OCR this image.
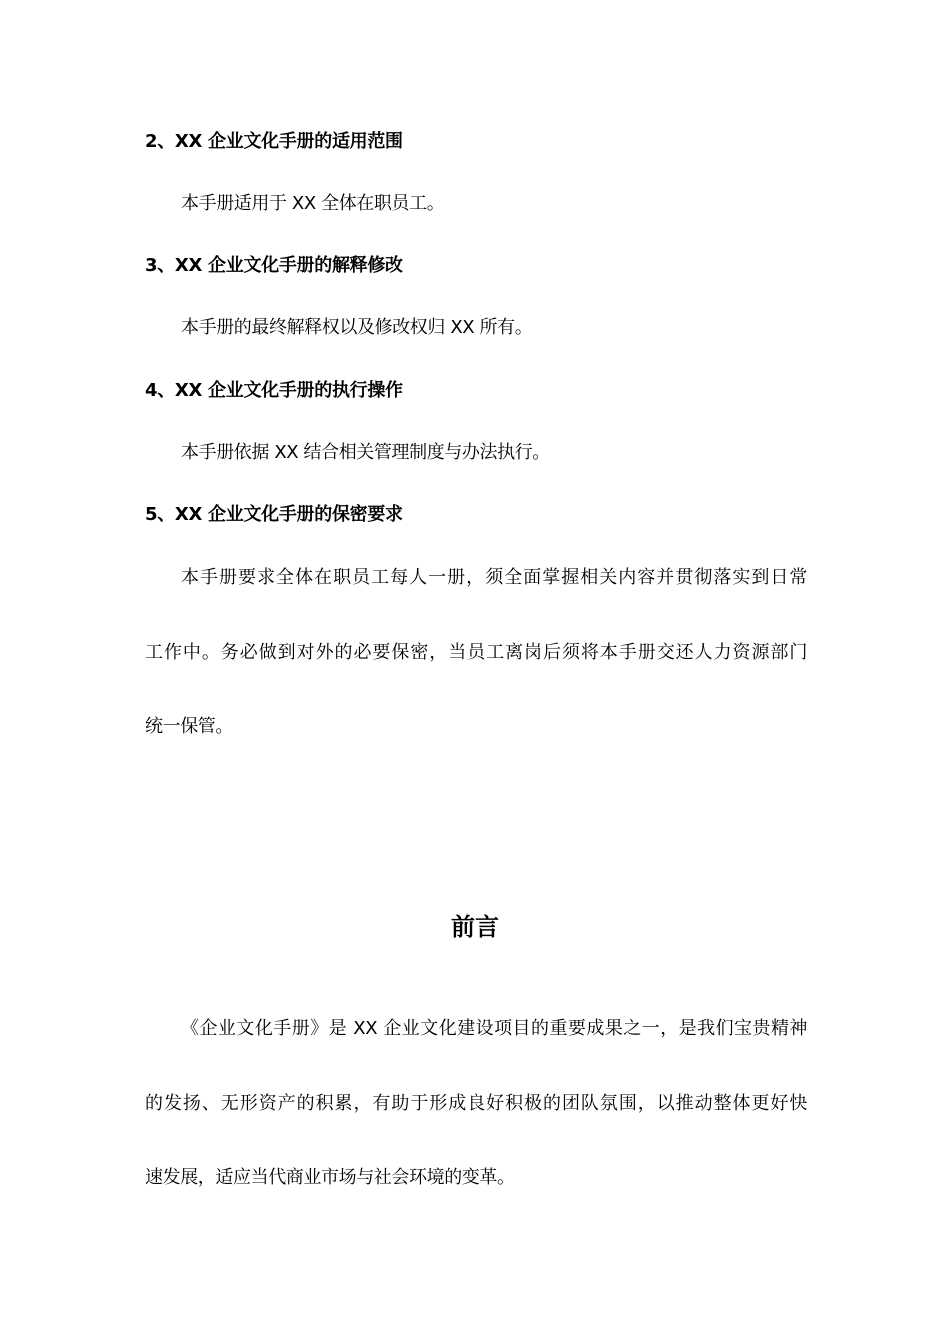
2、XX 企业文化手册的适用范围
本手册适用于 XX 全体在职员工。
3、XX 企业文化手册的解释修改
本手册的最终解释权以及修改权归 XX 所有。
4、XX 企业文化手册的执行操作
本手册依据 XX 结合相关管理制度与办法执行。
5、XX 企业文化手册的保密要求
本手册要求全体在职员工每人一册，须全面掌握相关内容并贯彻落实到日常
工作中。务必做到对外的必要保密，当员工离岗后须将本手册交还人力资源部门
统一保管。
前言
《企业文化手册》是 XX 企业文化建设项目的重要成果之一，是我们宝贵精神
的发扬、无形资产的积累，有助于形成良好积极的团队氛围，以推动整体更好快
速发展，适应当代商业市场与社会环境的变革。
